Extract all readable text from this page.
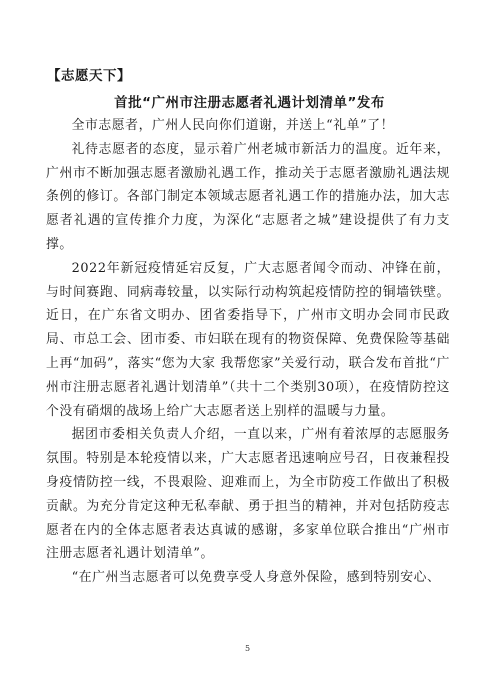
【志愿天下】
首批“广州市注册志愿者礼遇计划清单”发布

全市志愿者，广州人民向你们道谢，并送上“礼单”了！

礼待志愿者的态度，显示着广州老城市新活力的温度。近年来，广州市不断加强志愿者激励礼遇工作，推动关于志愿者激励礼遇法规条例的修订。各部门制定本领域志愿者礼遇工作的措施办法，加大志愿者礼遇的宣传推介力度，为深化“志愿者之城”建设提供了有力支撑。

2022年新冠疫情延宕反复，广大志愿者闻令而动、冲锋在前，与时间赛跑、同病毒较量，以实际行动构筑起疫情防控的铜墙铁壁。近日，在广东省文明办、团省委指导下，广州市文明办会同市民政局、市总工会、团市委、市妇联在现有的物资保障、免费保险等基础上再“加码”，落实“您为大家 我帮您家”关爱行动，联合发布首批“广州市注册志愿者礼遇计划清单”（共十二个类别30项），在疫情防控这个没有硝烟的战场上给广大志愿者送上别样的温暖与力量。

据团市委相关负责人介绍，一直以来，广州有着浓厚的志愿服务氛围。特别是本轮疫情以来，广大志愿者迅速响应号召，日夜兼程投身疫情防控一线，不畏艰险、迎难而上，为全市防疫工作做出了积极贡献。为充分肯定这种无私奉献、勇于担当的精神，并对包括防疫志愿者在内的全体志愿者表达真诚的感谢，多家单位联合推出“广州市注册志愿者礼遇计划清单”。

“在广州当志愿者可以免费享受人身意外保险，感到特别安心、

5
